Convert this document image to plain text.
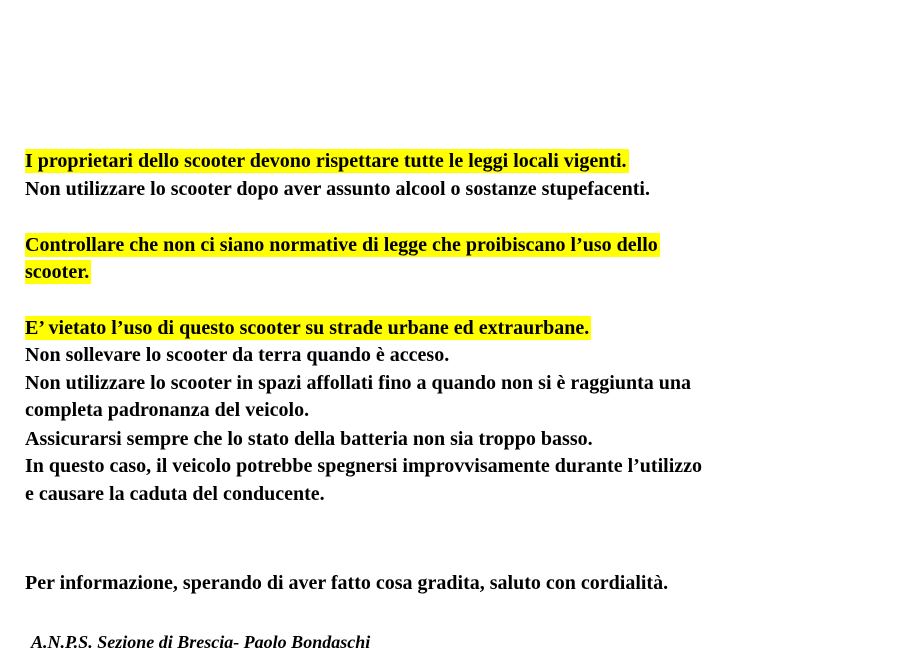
I proprietari dello scooter devono rispettare tutte le leggi locali vigenti.
Non utilizzare lo scooter dopo aver assunto alcool o sostanze stupefacenti.
Controllare che non ci siano normative di legge che proibiscano l’uso dello
scooter.
E’ vietato l’uso di questo scooter su strade urbane ed extraurbane.
Non sollevare lo scooter da terra quando è acceso.
Non utilizzare lo scooter in spazi affollati fino a quando non si è raggiunta una
completa padronanza del veicolo.
Assicurarsi sempre che lo stato della batteria non sia troppo basso.
In questo caso, il veicolo potrebbe spegnersi improvvisamente durante l’utilizzo
e causare la caduta del conducente.
Per informazione, sperando di aver fatto cosa gradita, saluto con cordialità.
A.N.P.S. Sezione di Brescia- Paolo Bondaschi
